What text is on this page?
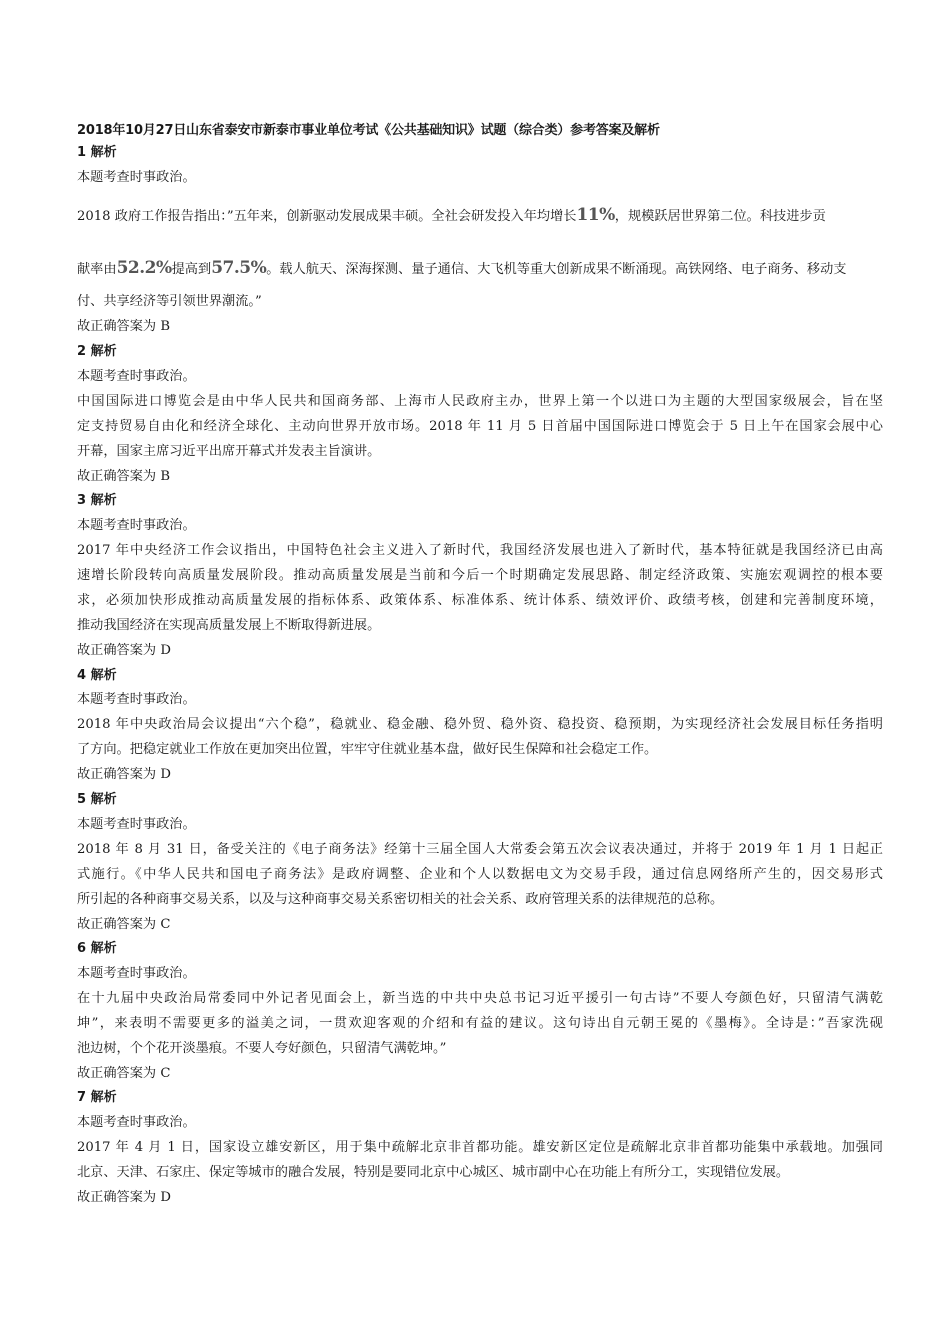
2018年10月27日山东省泰安市新泰市事业单位考试《公共基础知识》试题（综合类）参考答案及解析
1 解析
本题考查时事政治。
2018 政府工作报告指出：”五年来，创新驱动发展成果丰硕。全社会研发投入年均增长11%，规模跃居世界第二位。科技进步贡
献率由52.2%提高到57.5%。载人航天、深海探测、量子通信、大飞机等重大创新成果不断涌现。高铁网络、电子商务、移动支
付、共享经济等引领世界潮流。”
故正确答案为 B
2 解析
本题考查时事政治。
中国国际进口博览会是由中华人民共和国商务部、上海市人民政府主办，世界上第一个以进口为主题的大型国家级展会，旨在坚
定支持贸易自由化和经济全球化、主动向世界开放市场。2018 年 11 月 5 日首届中国国际进口博览会于 5 日上午在国家会展中心
开幕，国家主席习近平出席开幕式并发表主旨演讲。
故正确答案为 B
3 解析
本题考查时事政治。
2017 年中央经济工作会议指出，中国特色社会主义进入了新时代，我国经济发展也进入了新时代，基本特征就是我国经济已由高
速增长阶段转向高质量发展阶段。推动高质量发展是当前和今后一个时期确定发展思路、制定经济政策、实施宏观调控的根本要
求，必须加快形成推动高质量发展的指标体系、政策体系、标准体系、统计体系、绩效评价、政绩考核，创建和完善制度环境，
推动我国经济在实现高质量发展上不断取得新进展。
故正确答案为 D
4 解析
本题考查时事政治。
2018 年中央政治局会议提出“六个稳”，稳就业、稳金融、稳外贸、稳外资、稳投资、稳预期，为实现经济社会发展目标任务指明
了方向。把稳定就业工作放在更加突出位置，牢牢守住就业基本盘，做好民生保障和社会稳定工作。
故正确答案为 D
5 解析
本题考查时事政治。
2018 年 8 月 31 日，备受关注的《电子商务法》经第十三届全国人大常委会第五次会议表决通过，并将于 2019 年 1 月 1 日起正
式施行。《中华人民共和国电子商务法》是政府调整、企业和个人以数据电文为交易手段，通过信息网络所产生的，因交易形式
所引起的各种商事交易关系，以及与这种商事交易关系密切相关的社会关系、政府管理关系的法律规范的总称。
故正确答案为 C
6 解析
本题考查时事政治。
在十九届中央政治局常委同中外记者见面会上，新当选的中共中央总书记习近平援引一句古诗”不要人夸颜色好，只留清气满乾
坤”，来表明不需要更多的溢美之词，一贯欢迎客观的介绍和有益的建议。这句诗出自元朝王冕的《墨梅》。全诗是：”吾家洗砚
池边树，个个花开淡墨痕。不要人夸好颜色，只留清气满乾坤。”
故正确答案为 C
7 解析
本题考查时事政治。
2017 年 4 月 1 日，国家设立雄安新区，用于集中疏解北京非首都功能。雄安新区定位是疏解北京非首都功能集中承载地。加强同
北京、天津、石家庄、保定等城市的融合发展，特别是要同北京中心城区、城市副中心在功能上有所分工，实现错位发展。
故正确答案为 D
